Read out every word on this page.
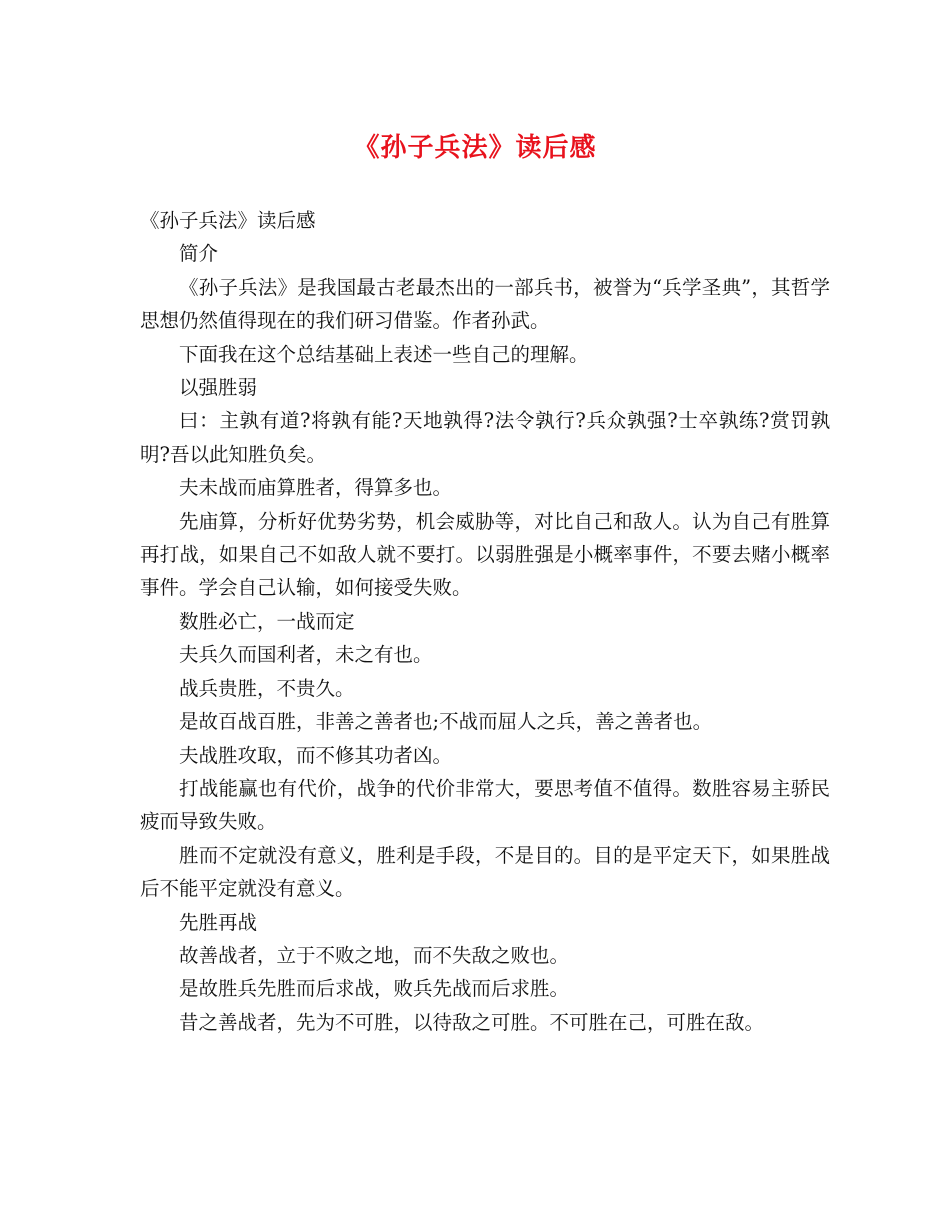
《孙子兵法》读后感

《孙子兵法》读后感

简介

《孙子兵法》是我国最古老最杰出的一部兵书，被誉为“兵学圣典”，其哲学思想仍然值得现在的我们研习借鉴。作者孙武。

下面我在这个总结基础上表述一些自己的理解。

以强胜弱

曰：主孰有道?将孰有能?天地孰得?法令孰行?兵众孰强?士卒孰练?赏罚孰明?吾以此知胜负矣。

夫未战而庙算胜者，得算多也。

先庙算，分析好优势劣势，机会威胁等，对比自己和敌人。认为自己有胜算再打战，如果自己不如敌人就不要打。以弱胜强是小概率事件，不要去赌小概率事件。学会自己认输，如何接受失败。

数胜必亡，一战而定

夫兵久而国利者，未之有也。

战兵贵胜，不贵久。

是故百战百胜，非善之善者也;不战而屈人之兵，善之善者也。

夫战胜攻取，而不修其功者凶。

打战能赢也有代价，战争的代价非常大，要思考值不值得。数胜容易主骄民疲而导致失败。

胜而不定就没有意义，胜利是手段，不是目的。目的是平定天下，如果胜战后不能平定就没有意义。

先胜再战

故善战者，立于不败之地，而不失敌之败也。

是故胜兵先胜而后求战，败兵先战而后求胜。

昔之善战者，先为不可胜，以待敌之可胜。不可胜在己，可胜在敌。
